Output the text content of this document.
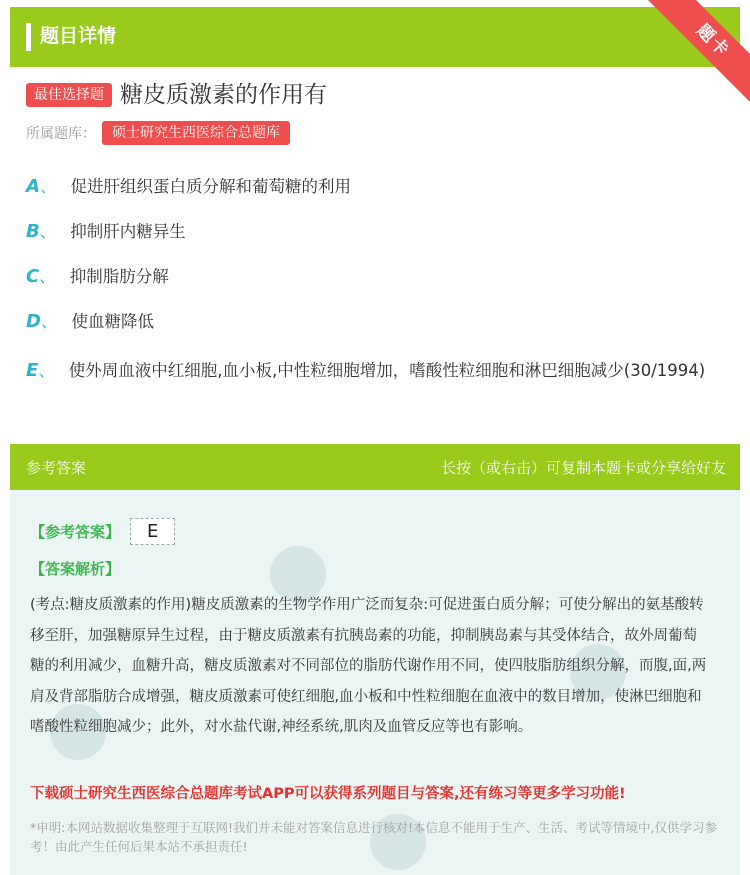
题目详情	题卡
最佳选择题 糖皮质激素的作用有
所属题库：	硕士研究生西医综合总题库
A、 促进肝组织蛋白质分解和葡萄糖的利用
B、 抑制肝内糖异生
C、 抑制脂肪分解
D、 使血糖降低
E、 使外周血液中红细胞,血小板,中性粒细胞增加，嗜酸性粒细胞和淋巴细胞减少(30/1994)
参考答案	长按（或右击）可复制本题卡或分享给好友
【参考答案】	E
【答案解析】
(考点:糖皮质激素的作用)糖皮质激素的生物学作用广泛而复杂:可促进蛋白质分解；可使分解出的氨基酸转移至肝，加强糖原异生过程，由于糖皮质激素有抗胰岛素的功能，抑制胰岛素与其受体结合，故外周葡萄糖的利用减少，血糖升高，糖皮质激素对不同部位的脂肪代谢作用不同，使四肢脂肪组织分解，而腹,面,两肩及背部脂肪合成增强，糖皮质激素可使红细胞,血小板和中性粒细胞在血液中的数目增加，使淋巴细胞和嗜酸性粒细胞减少；此外，对水盐代谢,神经系统,肌肉及血管反应等也有影响。
下载硕士研究生西医综合总题库考试APP可以获得系列题目与答案,还有练习等更多学习功能!
*申明:本网站数据收集整理于互联网!我们并未能对答案信息进行核对!本信息不能用于生产、生活、考试等情境中,仅供学习参考！由此产生任何后果本站不承担责任!
